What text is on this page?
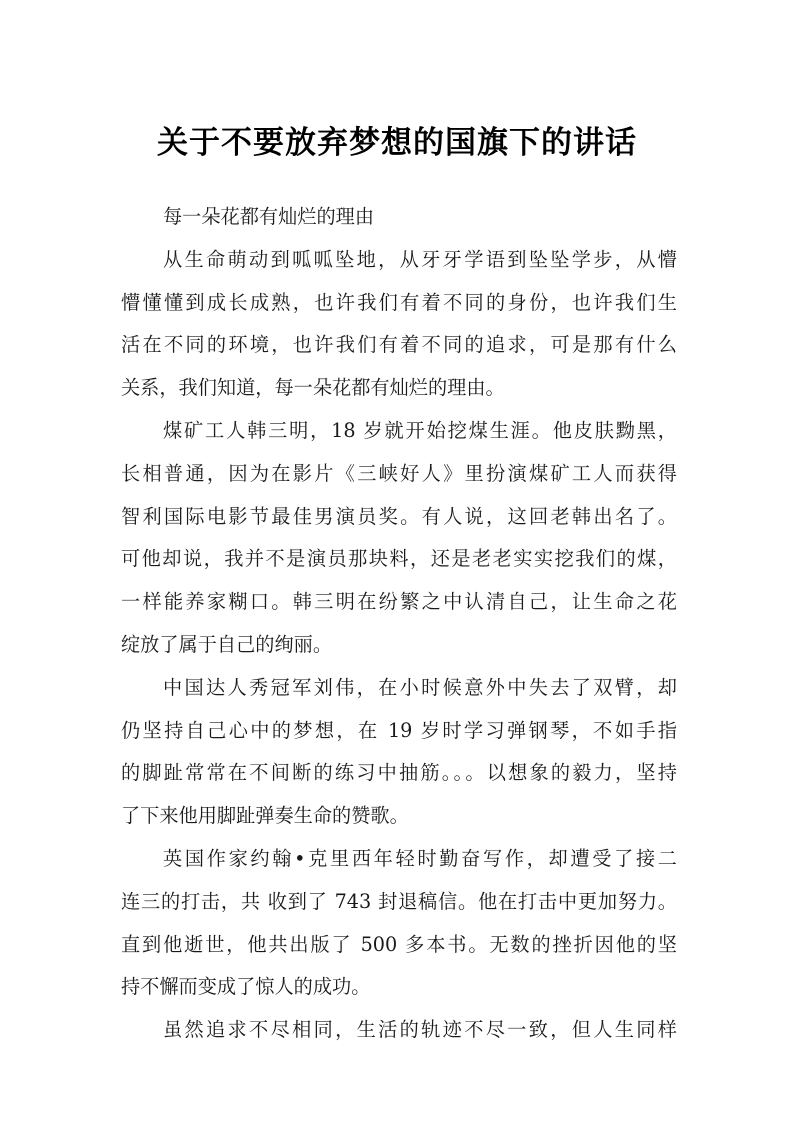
关于不要放弃梦想的国旗下的讲话
每一朵花都有灿烂的理由
从生命萌动到呱呱坠地，从牙牙学语到坠坠学步，从懵
懵懂懂到成长成熟，也许我们有着不同的身份，也许我们生
活在不同的环境，也许我们有着不同的追求，可是那有什么
关系，我们知道，每一朵花都有灿烂的理由。
煤矿工人韩三明，18 岁就开始挖煤生涯。他皮肤黝黑，
长相普通，因为在影片《三峡好人》里扮演煤矿工人而获得
智利国际电影节最佳男演员奖。有人说，这回老韩出名了。
可他却说，我并不是演员那块料，还是老老实实挖我们的煤，
一样能养家糊口。韩三明在纷繁之中认清自己，让生命之花
绽放了属于自己的绚丽。
中国达人秀冠军刘伟，在小时候意外中失去了双臂，却
仍坚持自己心中的梦想，在 19 岁时学习弹钢琴，不如手指
的脚趾常常在不间断的练习中抽筋。。。以想象的毅力，坚持
了下来他用脚趾弹奏生命的赞歌。
英国作家约翰•克里西年轻时勤奋写作，却遭受了接二
连三的打击，共 收到了 743 封退稿信。他在打击中更加努力。
直到他逝世，他共出版了 500 多本书。无数的挫折因他的坚
持不懈而变成了惊人的成功。
虽然追求不尽相同，生活的轨迹不尽一致，但人生同样
